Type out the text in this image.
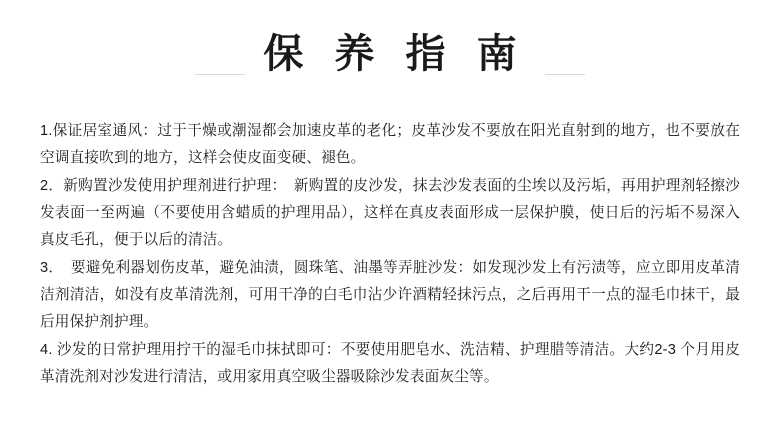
保 养 指 南

1.保证居室通风：过于干燥或潮湿都会加速皮革的老化；皮革沙发不要放在阳光直射到的地方，也不要放在空调直接吹到的地方，这样会使皮面变硬、褪色。

2．新购置沙发使用护理剂进行护理：　新购置的皮沙发，抹去沙发表面的尘埃以及污垢，再用护理剂轻擦沙发表面一至两遍（不要使用含蜡质的护理用品），这样在真皮表面形成一层保护膜，使日后的污垢不易深入真皮毛孔，便于以后的清洁。

3．　要避免利器划伤皮革，避免油渍，圆珠笔、油墨等弄脏沙发：如发现沙发上有污渍等，应立即用皮革清洁剂清洁，如没有皮革清洗剂，可用干净的白毛巾沾少许酒精轻抹污点，之后再用干一点的湿毛巾抹干，最后用保护剂护理。

4. 沙发的日常护理用拧干的湿毛巾抹拭即可：不要使用肥皂水、洗洁精、护理腊等清洁。大约2-3 个月用皮革清洗剂对沙发进行清洁，或用家用真空吸尘器吸除沙发表面灰尘等。
